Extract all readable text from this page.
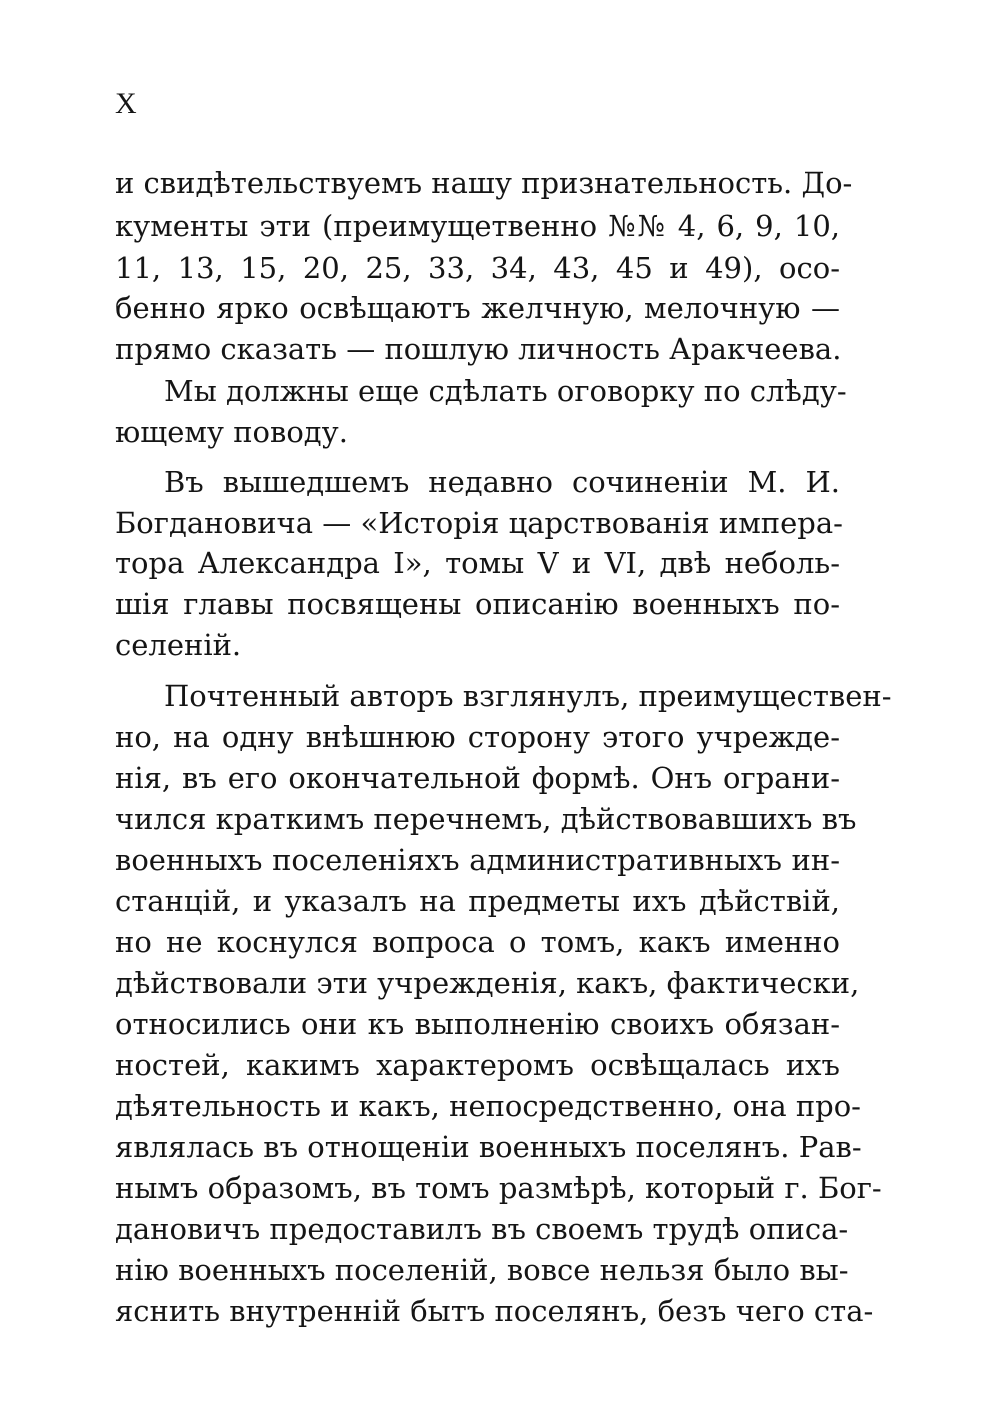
X
и свидѣтельствуемъ нашу признательность. До-
кументы эти (преимущетвенно №№ 4, 6, 9, 10,
11, 13, 15, 20, 25, 33, 34, 43, 45 и 49), осо-
бенно ярко освѣщаютъ желчную, мелочную —
прямо сказать — пошлую личность Аракчеева.
Мы должны еще сдѣлать оговорку по слѣду-
ющему поводу.
Въ вышедшемъ недавно сочиненіи М. И.
Богдановича — «Исторія царствованія импера-
тора Александра I», томы V и VI, двѣ неболь-
шія главы посвящены описанію военныхъ по-
селеній.
Почтенный авторъ взглянулъ, преимуществен-
но, на одну внѣшнюю сторону этого учрежде-
нія, въ его окончательной формѣ. Онъ ограни-
чился краткимъ перечнемъ, дѣйствовавшихъ въ
военныхъ поселеніяхъ административныхъ ин-
станцій, и указалъ на предметы ихъ дѣйствій,
но не коснулся вопроса о томъ, какъ именно
дѣйствовали эти учрежденія, какъ, фактически,
относились они къ выполненію своихъ обязан-
ностей, какимъ характеромъ освѣщалась ихъ
дѣятельность и какъ, непосредственно, она про-
являлась въ отнощеніи военныхъ поселянъ. Рав-
нымъ образомъ, въ томъ размѣрѣ, который г. Бог-
дановичъ предоставилъ въ своемъ трудѣ описа-
нію военныхъ поселеній, вовсе нельзя было вы-
яснить внутренній бытъ поселянъ, безъ чего ста-
